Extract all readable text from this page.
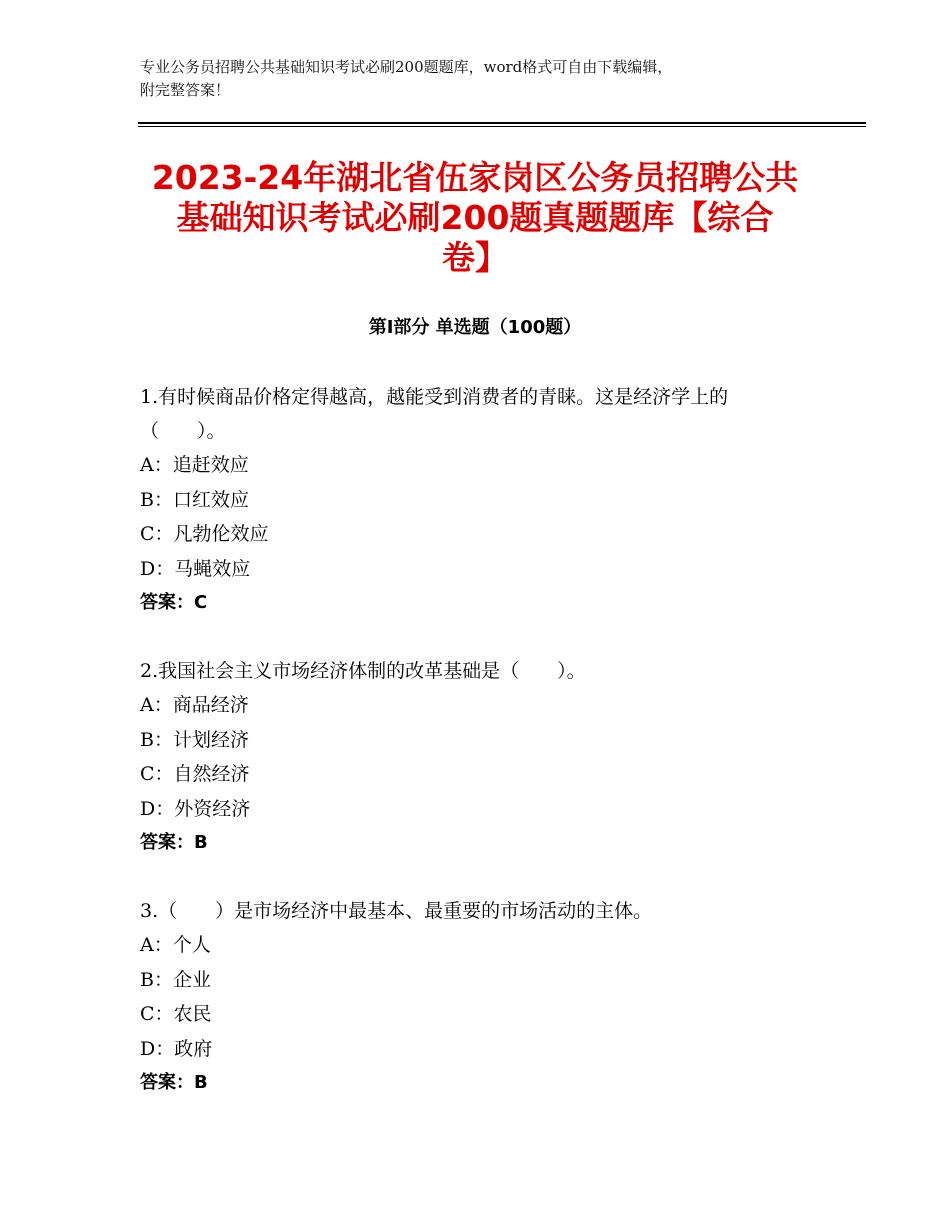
专业公务员招聘公共基础知识考试必刷200题题库，word格式可自由下载编辑，
附完整答案！
2023-24年湖北省伍家岗区公务员招聘公共
基础知识考试必刷200题真题题库【综合
卷】
第Ⅰ部分 单选题（100题）

1.有时候商品价格定得越高，越能受到消费者的青睐。这是经济学上的（　　）。

A：追赶效应

B：口红效应

C：凡勃伦效应

D：马蝇效应

答案：C

2.我国社会主义市场经济体制的改革基础是（　　）。

A：商品经济

B：计划经济

C：自然经济

D：外资经济

答案：B

3.（　　）是市场经济中最基本、最重要的市场活动的主体。

A：个人

B：企业

C：农民

D：政府

答案：B
